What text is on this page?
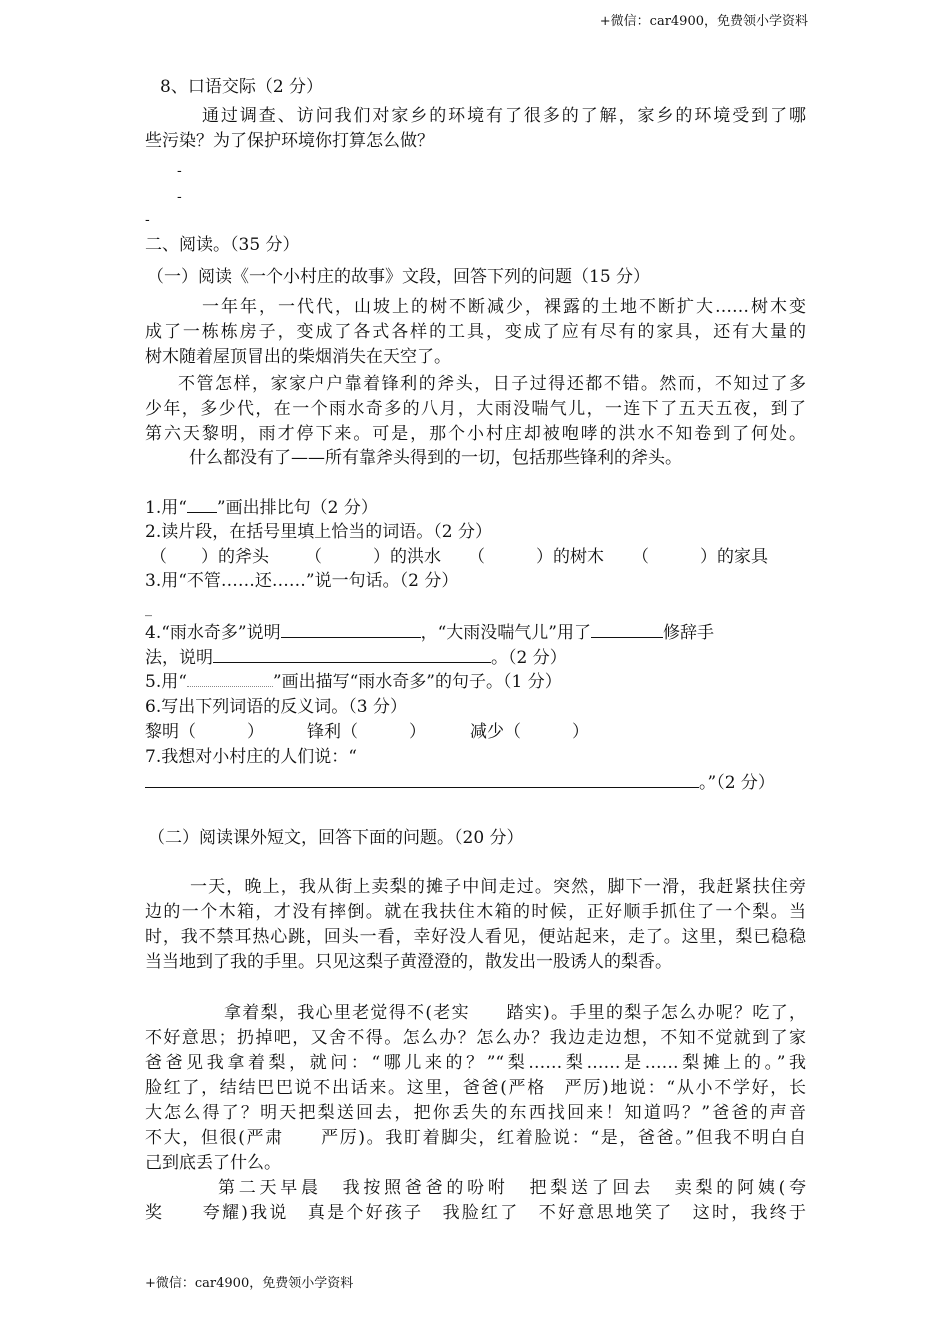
+微信：car4900，免费领小学资料
8、口语交际（2 分）
通过调查、访问我们对家乡的环境有了很多的了解，家乡的环境受到了哪
些污染？为了保护环境你打算怎么做？
-
-
-
二、阅读。（35 分）
（一）阅读《一个小村庄的故事》文段，回答下列的问题（15 分）
一年年，一代代，山坡上的树不断减少，裸露的土地不断扩大……树木变
成了一栋栋房子，变成了各式各样的工具，变成了应有尽有的家具，还有大量的
树木随着屋顶冒出的柴烟消失在天空了。
不管怎样，家家户户靠着锋利的斧头，日子过得还都不错。然而，不知过了多
少年，多少代，在一个雨水奇多的八月，大雨没喘气儿，一连下了五天五夜，到了
第六天黎明，雨才停下来。可是，那个小村庄却被咆哮的洪水不知卷到了何处。
什么都没有了——所有靠斧头得到的一切，包括那些锋利的斧头。
1.用“ ”画出排比句（2 分）
2.读片段，在括号里填上恰当的词语。（2 分）
（　　）的斧头 （　　　）的洪水 （　　　）的树木 （　　　）的家具
3.用“不管……还……”说一句话。（2 分）
_
4.“雨水奇多”说明	，“大雨没喘气儿”用了	修辞手
法，说明	。（2 分）
5.用“	”画出描写“雨水奇多”的句子。（1 分）
6.写出下列词语的反义词。（3 分）
黎明（　　　）	锋利（　　　）	减少（　　　）
7.我想对小村庄的人们说：“
。”（2 分）
（二）阅读课外短文，回答下面的问题。（20 分）
一天，晚上，我从街上卖梨的摊子中间走过。突然，脚下一滑，我赶紧扶住旁
边的一个木箱，才没有摔倒。就在我扶住木箱的时候，正好顺手抓住了一个梨。当
时，我不禁耳热心跳，回头一看，幸好没人看见，便站起来，走了。这里，梨已稳稳
当当地到了我的手里。只见这梨子黄澄澄的，散发出一股诱人的梨香。
拿着梨，我心里老觉得不(老实　　踏实)。手里的梨子怎么办呢？吃了，
不好意思；扔掉吧，又舍不得。怎么办？怎么办？我边走边想，不知不觉就到了家
爸爸见我拿着梨，就问：“哪儿来的？”“梨……梨……是……梨摊上的。”我
脸红了，结结巴巴说不出话来。这里，爸爸(严格　严厉)地说：“从小不学好，长
大怎么得了？明天把梨送回去，把你丢失的东西找回来！知道吗？”爸爸的声音
不大，但很(严肃　　严厉)。我盯着脚尖，红着脸说：“是，爸爸。”但我不明白自
己到底丢了什么。
第二天早晨　我按照爸爸的吩咐　把梨送了回去　卖梨的阿姨(夸
奖　　夸耀)我说　真是个好孩子　我脸红了　不好意思地笑了　这时，我终于
+微信：car4900，免费领小学资料
